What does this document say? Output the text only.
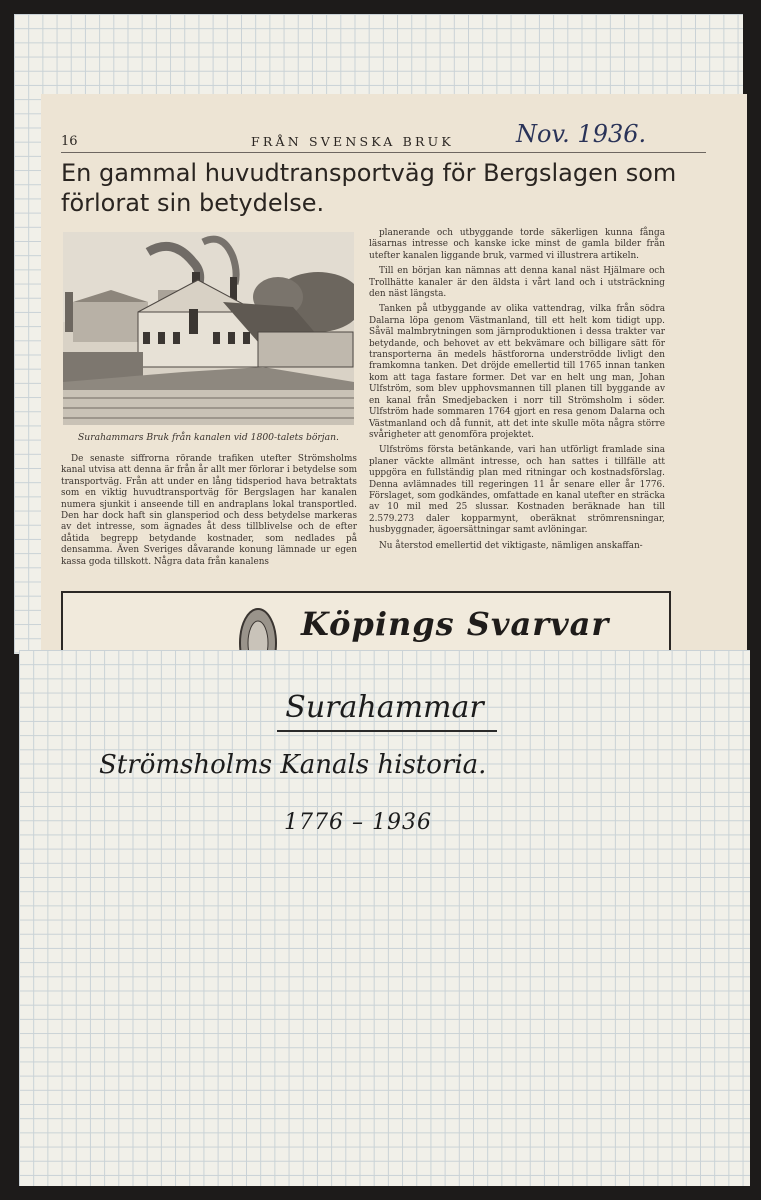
16	FRÅN SVENSKA BRUK	Nov. 1936.
En gammal huvudtransportväg för Bergslagen som förlorat sin betydelse.
Surahammars Bruk från kanalen vid 1800-talets början.

De senaste siffrorna rörande trafiken utefter Strömsholms kanal utvisa att denna är från år allt mer förlorar i betydelse som transportväg. Från att under en lång tidsperiod hava betraktats som en viktig huvudtransportväg för Bergslagen har kanalen numera sjunkit i anseende till en andraplans lokal transportled. Den har dock haft sin glansperiod och dess betydelse markeras av det intresse, som ägnades åt dess tillblivelse och de efter dåtida begrepp betydande kostnader, som nedlades på densamma. Även Sveriges dåvarande konung lämnade ur egen kassa goda tillskott. Några data från kanalens

planerande och utbyggande torde säkerligen kunna fånga läsarnas intresse och kanske icke minst de gamla bilder från utefter kanalen liggande bruk, varmed vi illustrera artikeln.

Till en början kan nämnas att denna kanal näst Hjälmare och Trollhätte kanaler är den äldsta i vårt land och i utsträckning den näst längsta.

Tanken på utbyggande av olika vattendrag, vilka från södra Dalarna löpa genom Västmanland, till ett helt kom tidigt upp. Såväl malmbrytningen som järnproduktionen i dessa trakter var betydande, och behovet av ett bekvämare och billigare sätt för transporterna än medels hästfororna underströdde livligt den framkomna tanken. Det dröjde emellertid till 1765 innan tanken kom att taga fastare former. Det var en helt ung man, Johan Ulfström, som blev upphovsmannen till planen till byggande av en kanal från Smedjebacken i norr till Strömsholm i söder. Ulfström hade sommaren 1764 gjort en resa genom Dalarna och Västmanland och då funnit, att det inte skulle möta några större svårigheter att genomföra projektet.

Ulfströms första betänkande, vari han utförligt framlade sina planer väckte allmänt intresse, och han sattes i tillfälle att uppgöra en fullständig plan med ritningar och kostnadsförslag. Denna avlämnades till regeringen 11 år senare eller år 1776. Förslaget, som godkändes, omfattade en kanal utefter en sträcka av 10 mil med 25 slussar. Kostnaden beräknade han till 2.579.273 daler kopparmynt, oberäknat strömrensningar, husbyggnader, ägoersättningar samt avlöningar.

Nu återstod emellertid det viktigaste, nämligen anskaffan-

Köpings Svarvar
Surahammar
Strömsholms Kanals historia.
1776 – 1936
